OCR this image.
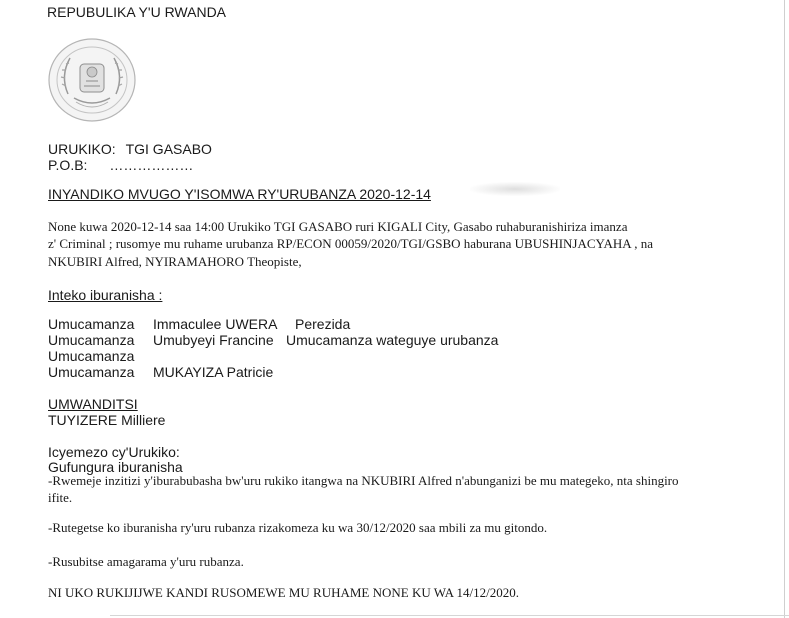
REPUBULIKA Y'U RWANDA
URUKIKO: TGI GASABO
P.O.B: ………………
INYANDIKO MVUGO Y'ISOMWA RY'URUBANZA 2020-12-14
None kuwa 2020-12-14 saa 14:00 Urukiko TGI GASABO ruri KIGALI City, Gasabo ruhaburanishiriza imanza
z' Criminal ; rusomye mu ruhame urubanza RP/ECON 00059/2020/TGI/GSBO haburana UBUSHINJACYAHA , na
NKUBIRI Alfred, NYIRAMAHORO Theopiste,
Inteko iburanisha :
Umucamanza Immaculee UWERA Perezida
Umucamanza Umubyeyi Francine Umucamanza wateguye urubanza
Umucamanza
Umucamanza MUKAYIZA Patricie
UMWANDITSI
TUYIZERE Milliere
Icyemezo cy'Urukiko:
Gufungura iburanisha
-Rwemeje inzitizi y'iburabubasha bw'uru rukiko itangwa na NKUBIRI Alfred n'abunganizi be mu mategeko, nta shingiro
ifite.
-Rutegetse ko iburanisha ry'uru rubanza rizakomeza ku wa 30/12/2020 saa mbili za mu gitondo.
-Rusubitse amagarama y'uru rubanza.
NI UKO RUKIJIJWE KANDI RUSOMEWE MU RUHAME NONE KU WA 14/12/2020.
